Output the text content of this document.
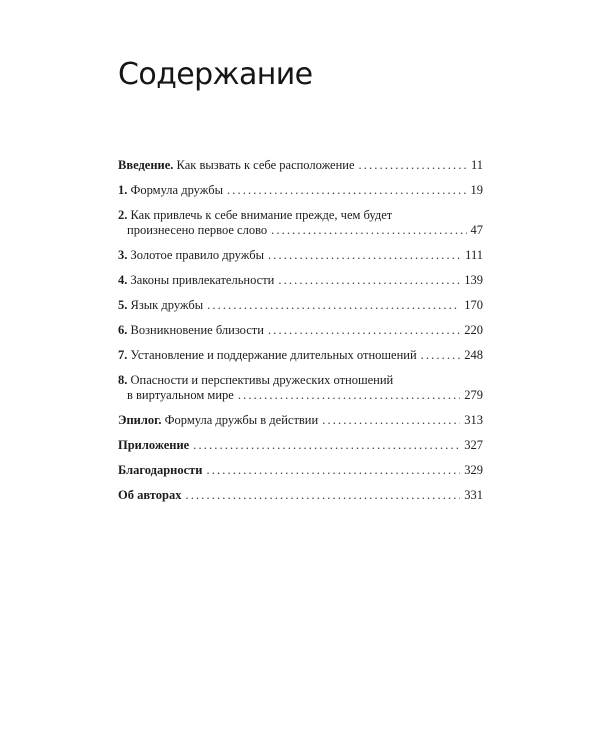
Содержание
Введение. Как вызвать к себе расположение . . .	11
1. Формула дружбы . . .	19
2. Как привлечь к себе внимание прежде, чем будет
произнесено первое слово . . .	47
3. Золотое правило дружбы . . .	111
4. Законы привлекательности . . .	139
5. Язык дружбы . . .	170
6. Возникновение близости . . .	220
7. Установление и поддержание длительных отношений . . .	248
8. Опасности и перспективы дружеских отношений
в виртуальном мире . . .	279
Эпилог. Формула дружбы в действии . . .	313
Приложение . . .	327
Благодарности . . .	329
Об авторах . . .	331
